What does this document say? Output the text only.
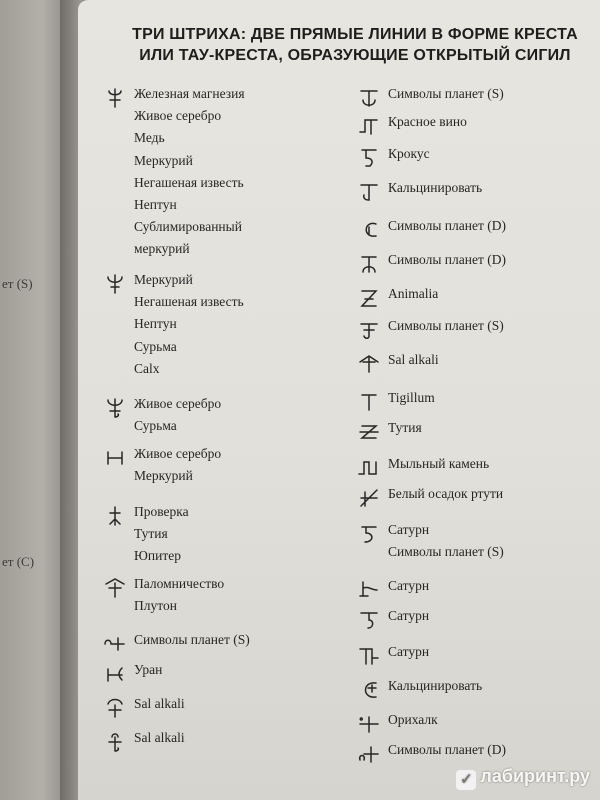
ет (S)
ет (С)
ТРИ ШТРИХА: ДВЕ ПРЯМЫЕ ЛИНИИ В ФОРМЕ КРЕСТА
ИЛИ ТАУ-КРЕСТА, ОБРАЗУЮЩИЕ ОТКРЫТЫЙ СИГИЛ
Железная магнезия
Живое серебро
Медь
Меркурий
Негашеная известь
Нептун
Сублимированный
меркурий
Меркурий
Негашеная известь
Нептун
Сурьма
Calx
Живое серебро
Сурьма
Живое серебро
Меркурий
Проверка
Тутия
Юпитер
Паломничество
Плутон
Символы планет (S)
Уран
Sal alkali
Sal alkali
Символы планет (S)
Красное вино
Крокус
Кальцинировать
Символы планет (D)
Символы планет (D)
Animalia
Символы планет (S)
Sal alkali
Tigillum
Тутия
Мыльный камень
Белый осадок ртути
Сатурн
Символы планет (S)
Сатурн
Сатурн
Сатурн
Кальцинировать
Орихалк
Символы планет (D)
✓ лабиринт.ру
